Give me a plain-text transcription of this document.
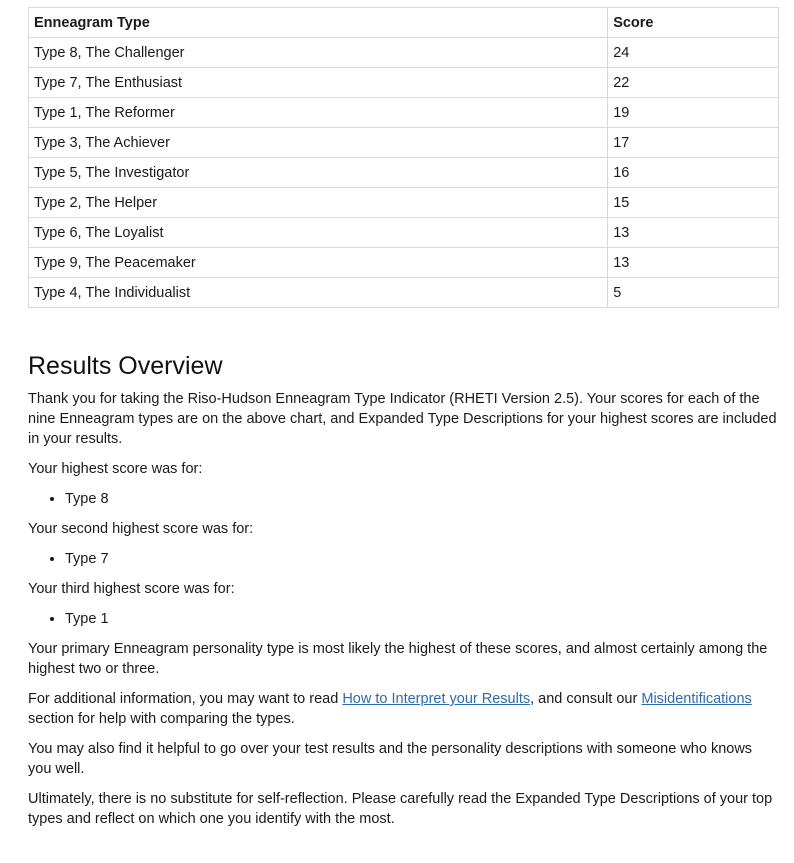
Enneagram Type	Score
Type 8, The Challenger	24
Type 7, The Enthusiast	22
Type 1, The Reformer	19
Type 3, The Achiever	17
Type 5, The Investigator	16
Type 2, The Helper	15
Type 6, The Loyalist	13
Type 9, The Peacemaker	13
Type 4, The Individualist	5
Results Overview

Thank you for taking the Riso-Hudson Enneagram Type Indicator (RHETI Version 2.5). Your scores for each of the nine Enneagram types are on the above chart, and Expanded Type Descriptions for your highest scores are included in your results.

Your highest score was for:

• Type 8

Your second highest score was for:

• Type 7

Your third highest score was for:

• Type 1

Your primary Enneagram personality type is most likely the highest of these scores, and almost certainly among the highest two or three.

For additional information, you may want to read How to Interpret your Results, and consult our Misidentifications section for help with comparing the types.

You may also find it helpful to go over your test results and the personality descriptions with someone who knows you well.

Ultimately, there is no substitute for self-reflection. Please carefully read the Expanded Type Descriptions of your top types and reflect on which one you identify with the most.
